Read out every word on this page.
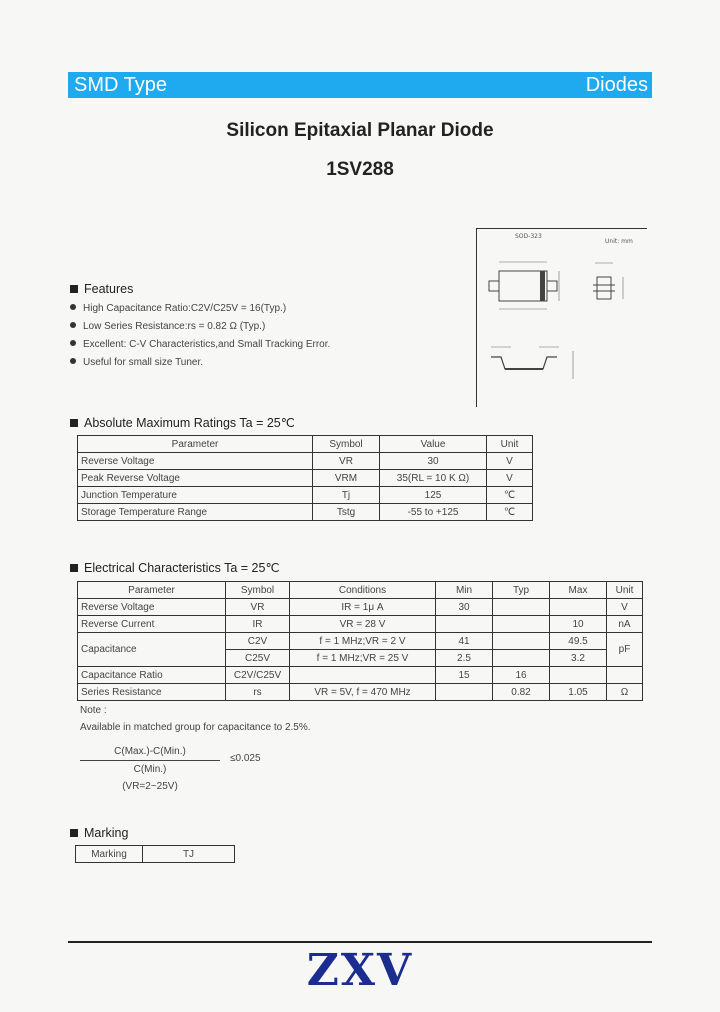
SMD Type	Diodes
Silicon Epitaxial Planar Diode
1SV288
SOD-323
Unit: mm
Features
High Capacitance Ratio:C2V/C25V = 16(Typ.)
Low Series Resistance:rs = 0.82 Ω (Typ.)
Excellent: C-V Characteristics,and Small Tracking Error.
Useful for small size Tuner.
Absolute Maximum Ratings Ta = 25℃
Parameter	Symbol	Value	Unit
Reverse Voltage	VR	30	V
Peak Reverse Voltage	VRM	35(RL = 10 K Ω)	V
Junction Temperature	Tj	125	℃
Storage Temperature Range	Tstg	-55 to +125	℃
Electrical Characteristics Ta = 25℃
Parameter	Symbol	Conditions	Min	Typ	Max	Unit
Reverse Voltage	VR	IR = 1μ A	30			V
Reverse Current	IR	VR = 28 V			10	nA
Capacitance	C2V	f = 1 MHz;VR = 2 V	41		49.5	pF
	C25V	f = 1 MHz;VR = 25 V	2.5		3.2	
Capacitance Ratio	C2V/C25V		15	16		
Series Resistance	rs	VR = 5V, f = 470 MHz		0.82	1.05	Ω
Note :
Available in matched group for capacitance to 2.5%.
C(Max.)-C(Min.)
C(Min.)
(VR=2~25V)
≤0.025
Marking
Marking	TJ
ZXV
